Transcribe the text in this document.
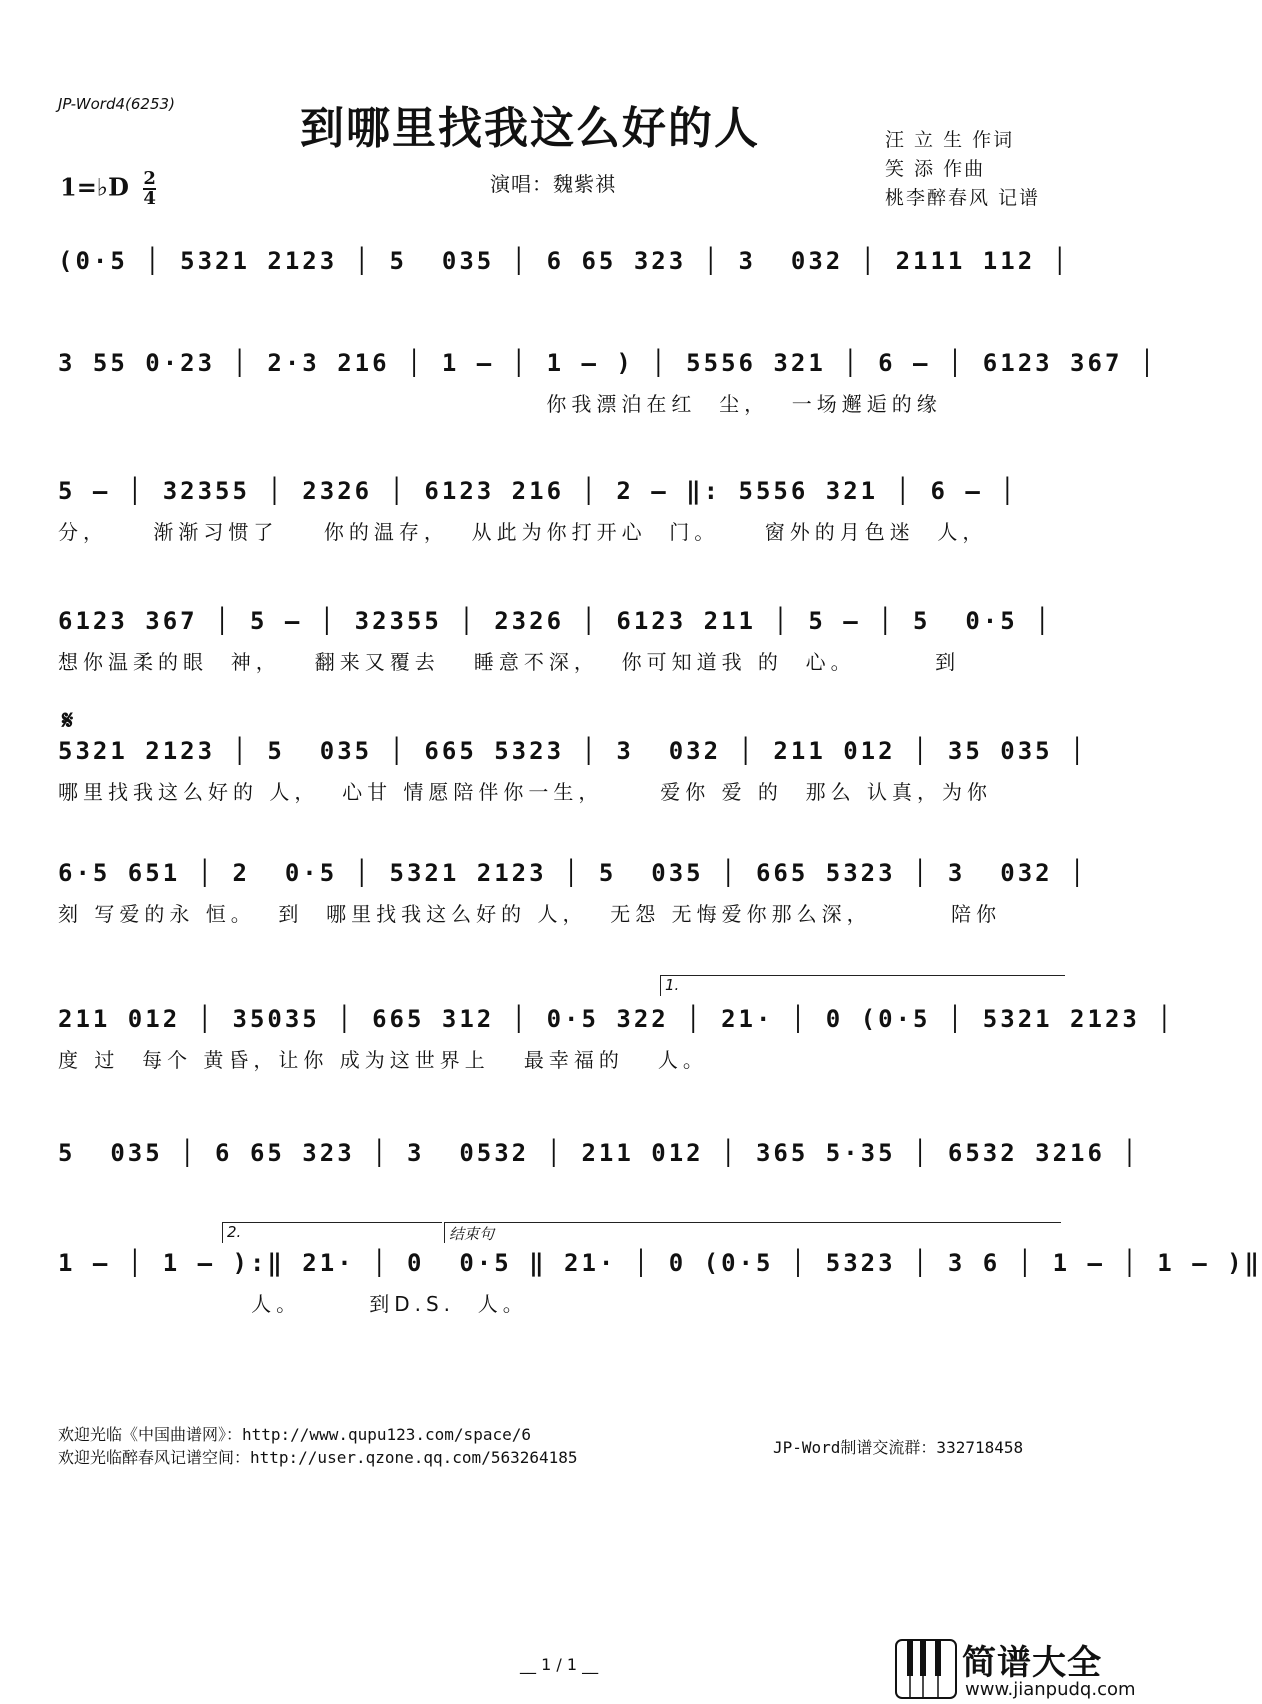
JP-Word4(6253)	到哪里找我这么好的人	汪 立 生 作词
笑 添 作曲
桃李醉春风 记谱
1=♭D $\frac{2}{4}$	演唱：魏紫祺
(0·5 │ 5321 2123 │ 5  035 │ 6 65 323 │ 3  032 │ 2111 112 │
3 55 0·23 │ 2·3 216 │ 1 – │ 1 – ) │ 5556 321 │ 6 – │ 6123 367 │
你我漂泊在红  尘，  一场邂逅的缘
5 – │ 32355 │ 2326 │ 6123 216 │ 2 – ‖: 5556 321 │ 6 – │
分，    渐渐习惯了    你的温存，  从此为你打开心  门。    窗外的月色迷  人，
6123 367 │ 5 – │ 32355 │ 2326 │ 6123 211 │ 5 – │ 5  0·5 │
想你温柔的眼  神，   翻来又覆去   睡意不深，  你可知道我 的  心。       到
𝄋
5321 2123 │ 5  035 │ 665 5323 │ 3  032 │ 211 012 │ 35 035 │
哪里找我这么好的 人，  心甘 情愿陪伴你一生，     爱你 爱 的  那么 认真，为你
6·5 651 │ 2  0·5 │ 5321 2123 │ 5  035 │ 665 5323 │ 3  032 │
刻 写爱的永 恒。  到  哪里找我这么好的 人，  无怨 无悔爱你那么深，       陪你
1.
211 012 │ 35035 │ 665 312 │ 0·5 322 │ 21· │ 0 (0·5 │ 5321 2123 │
度 过  每个 黄昏，让你 成为这世界上   最幸福的   人。
5  035 │ 6 65 323 │ 3  0532 │ 211 012 │ 365 5·35 │ 6532 3216 │
2.	结束句
1 – │ 1 – ):‖ 21· │ 0  0·5 ‖ 21· │ 0 (0·5 │ 5323 │ 3 6 │ 1 – │ 1 – )‖
人。      到D.S.  人。
欢迎光临《中国曲谱网》：http://www.qupu123.com/space/6
欢迎光临醉春风记谱空间：http://user.qzone.qq.com/563264185
JP-Word制谱交流群：332718458
__ 1 / 1 __	简谱大全
www.jianpudq.com
